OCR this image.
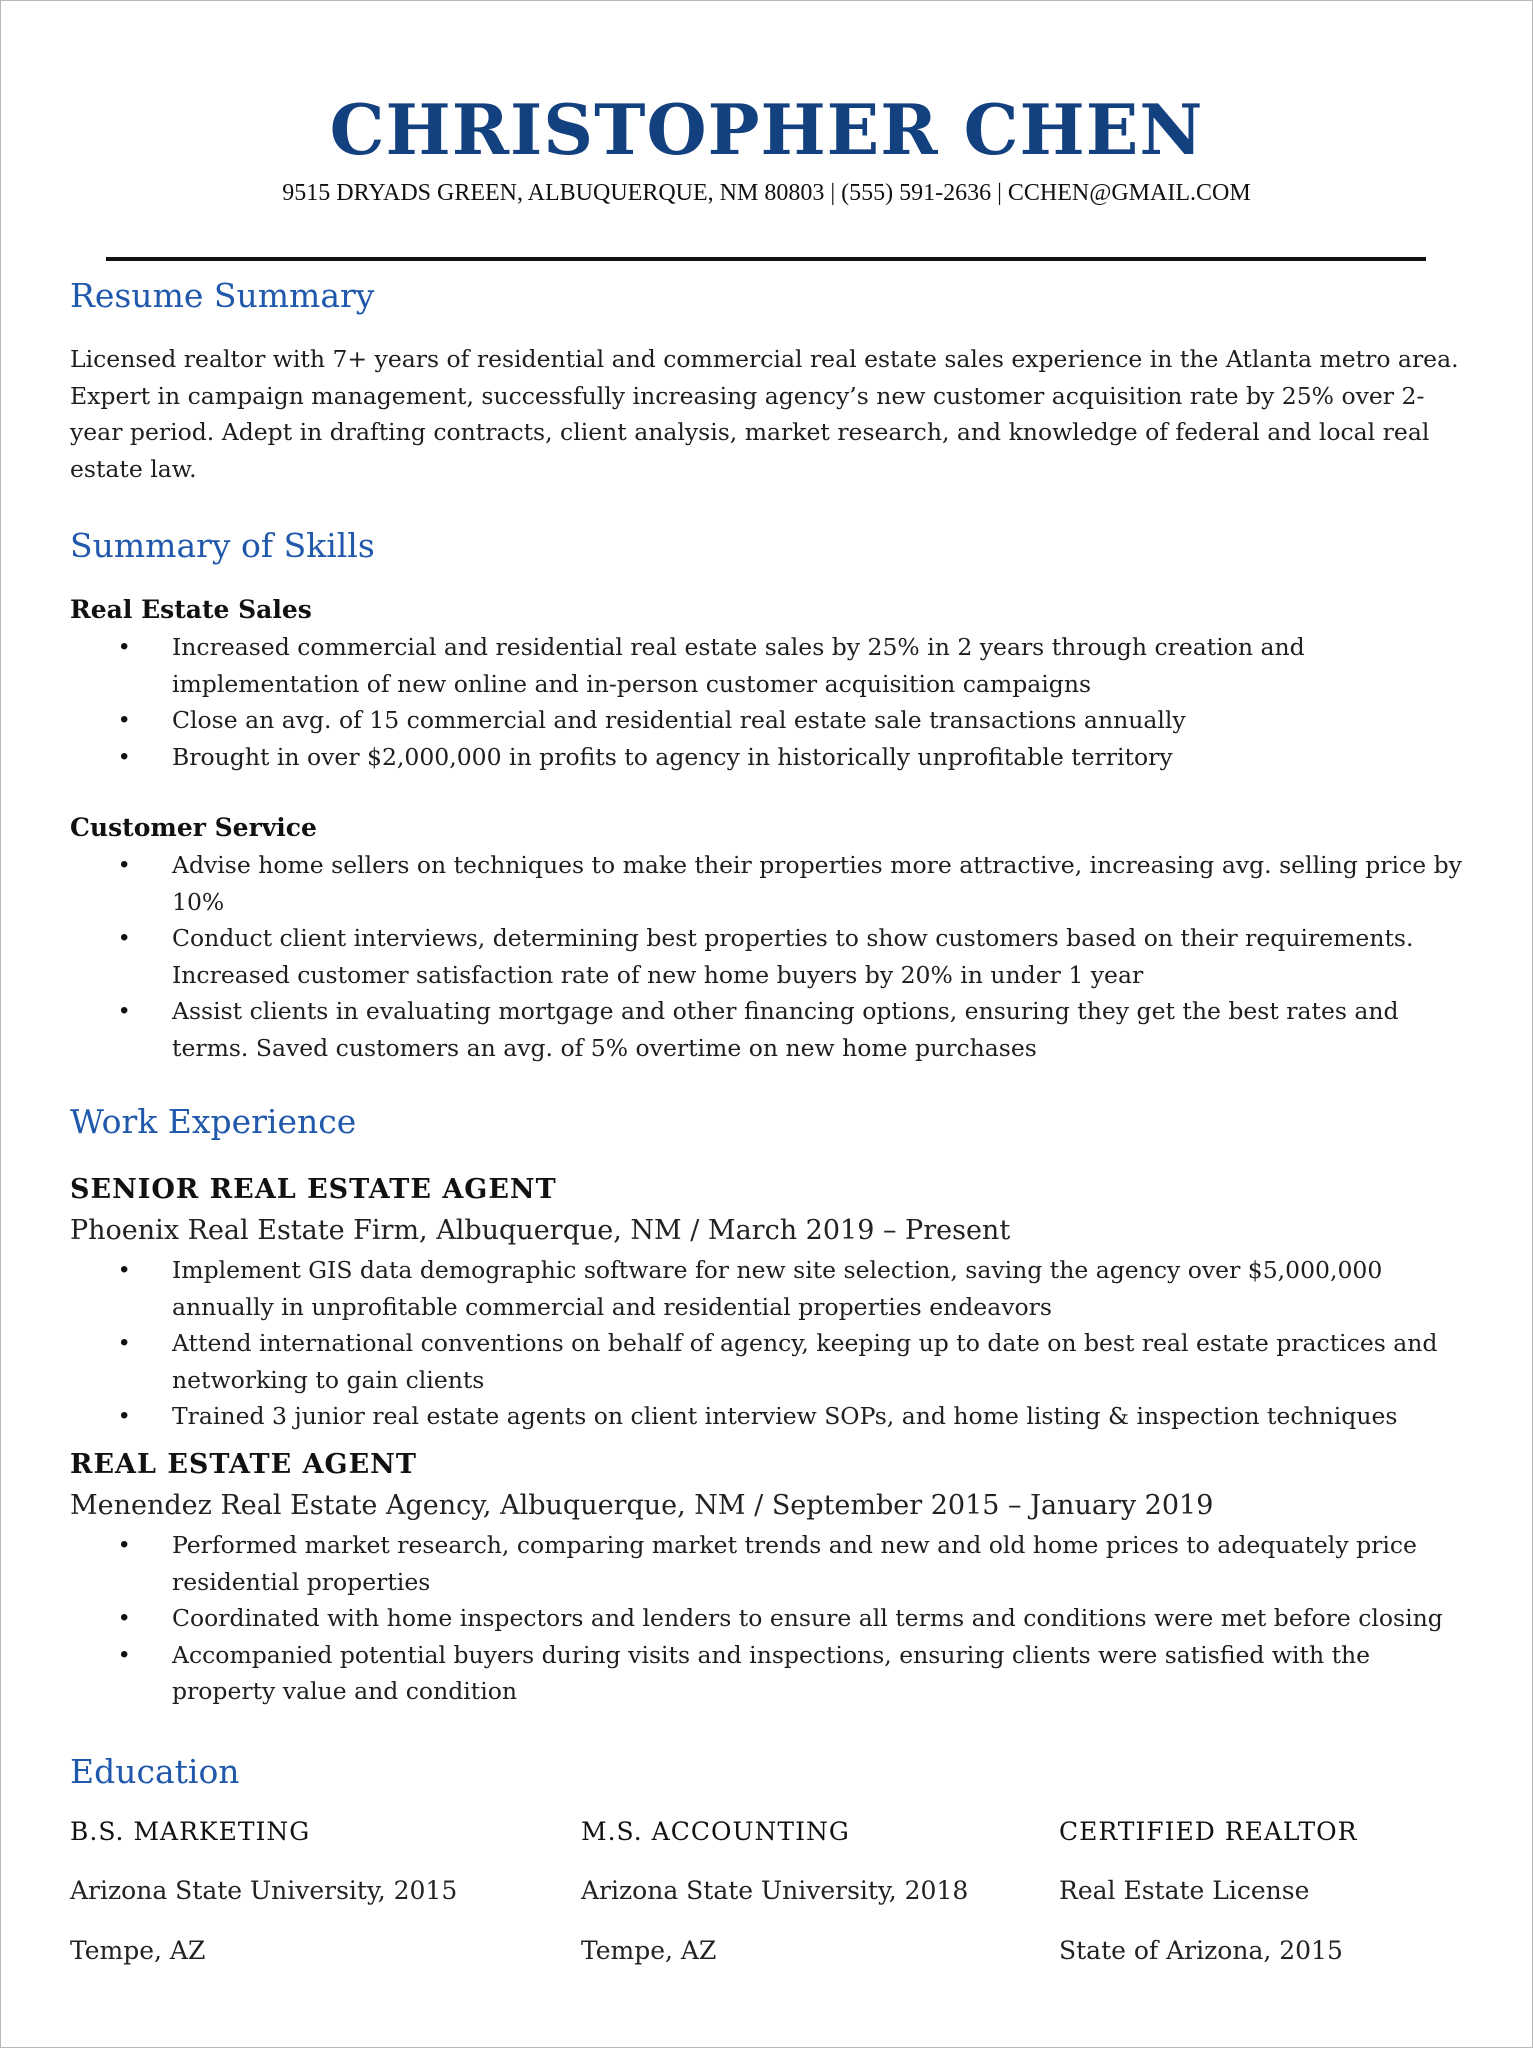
CHRISTOPHER CHEN
9515 DRYADS GREEN, ALBUQUERQUE, NM 80803 | (555) 591-2636 | CCHEN@GMAIL.COM
Resume Summary
Licensed realtor with 7+ years of residential and commercial real estate sales experience in the Atlanta metro area.
Expert in campaign management, successfully increasing agency’s new customer acquisition rate by 25% over 2-
year period. Adept in drafting contracts, client analysis, market research, and knowledge of federal and local real
estate law.
Summary of Skills
Real Estate Sales
• Increased commercial and residential real estate sales by 25% in 2 years through creation and
implementation of new online and in-person customer acquisition campaigns
• Close an avg. of 15 commercial and residential real estate sale transactions annually
• Brought in over $2,000,000 in profits to agency in historically unprofitable territory
Customer Service
• Advise home sellers on techniques to make their properties more attractive, increasing avg. selling price by
10%
• Conduct client interviews, determining best properties to show customers based on their requirements.
Increased customer satisfaction rate of new home buyers by 20% in under 1 year
• Assist clients in evaluating mortgage and other financing options, ensuring they get the best rates and
terms. Saved customers an avg. of 5% overtime on new home purchases
Work Experience
SENIOR REAL ESTATE AGENT
Phoenix Real Estate Firm, Albuquerque, NM / March 2019 – Present
• Implement GIS data demographic software for new site selection, saving the agency over $5,000,000
annually in unprofitable commercial and residential properties endeavors
• Attend international conventions on behalf of agency, keeping up to date on best real estate practices and
networking to gain clients
• Trained 3 junior real estate agents on client interview SOPs, and home listing & inspection techniques
REAL ESTATE AGENT
Menendez Real Estate Agency, Albuquerque, NM / September 2015 – January 2019
• Performed market research, comparing market trends and new and old home prices to adequately price
residential properties
• Coordinated with home inspectors and lenders to ensure all terms and conditions were met before closing
• Accompanied potential buyers during visits and inspections, ensuring clients were satisfied with the
property value and condition
Education
B.S. MARKETING
Arizona State University, 2015
Tempe, AZ
M.S. ACCOUNTING
Arizona State University, 2018
Tempe, AZ
CERTIFIED REALTOR
Real Estate License
State of Arizona, 2015
